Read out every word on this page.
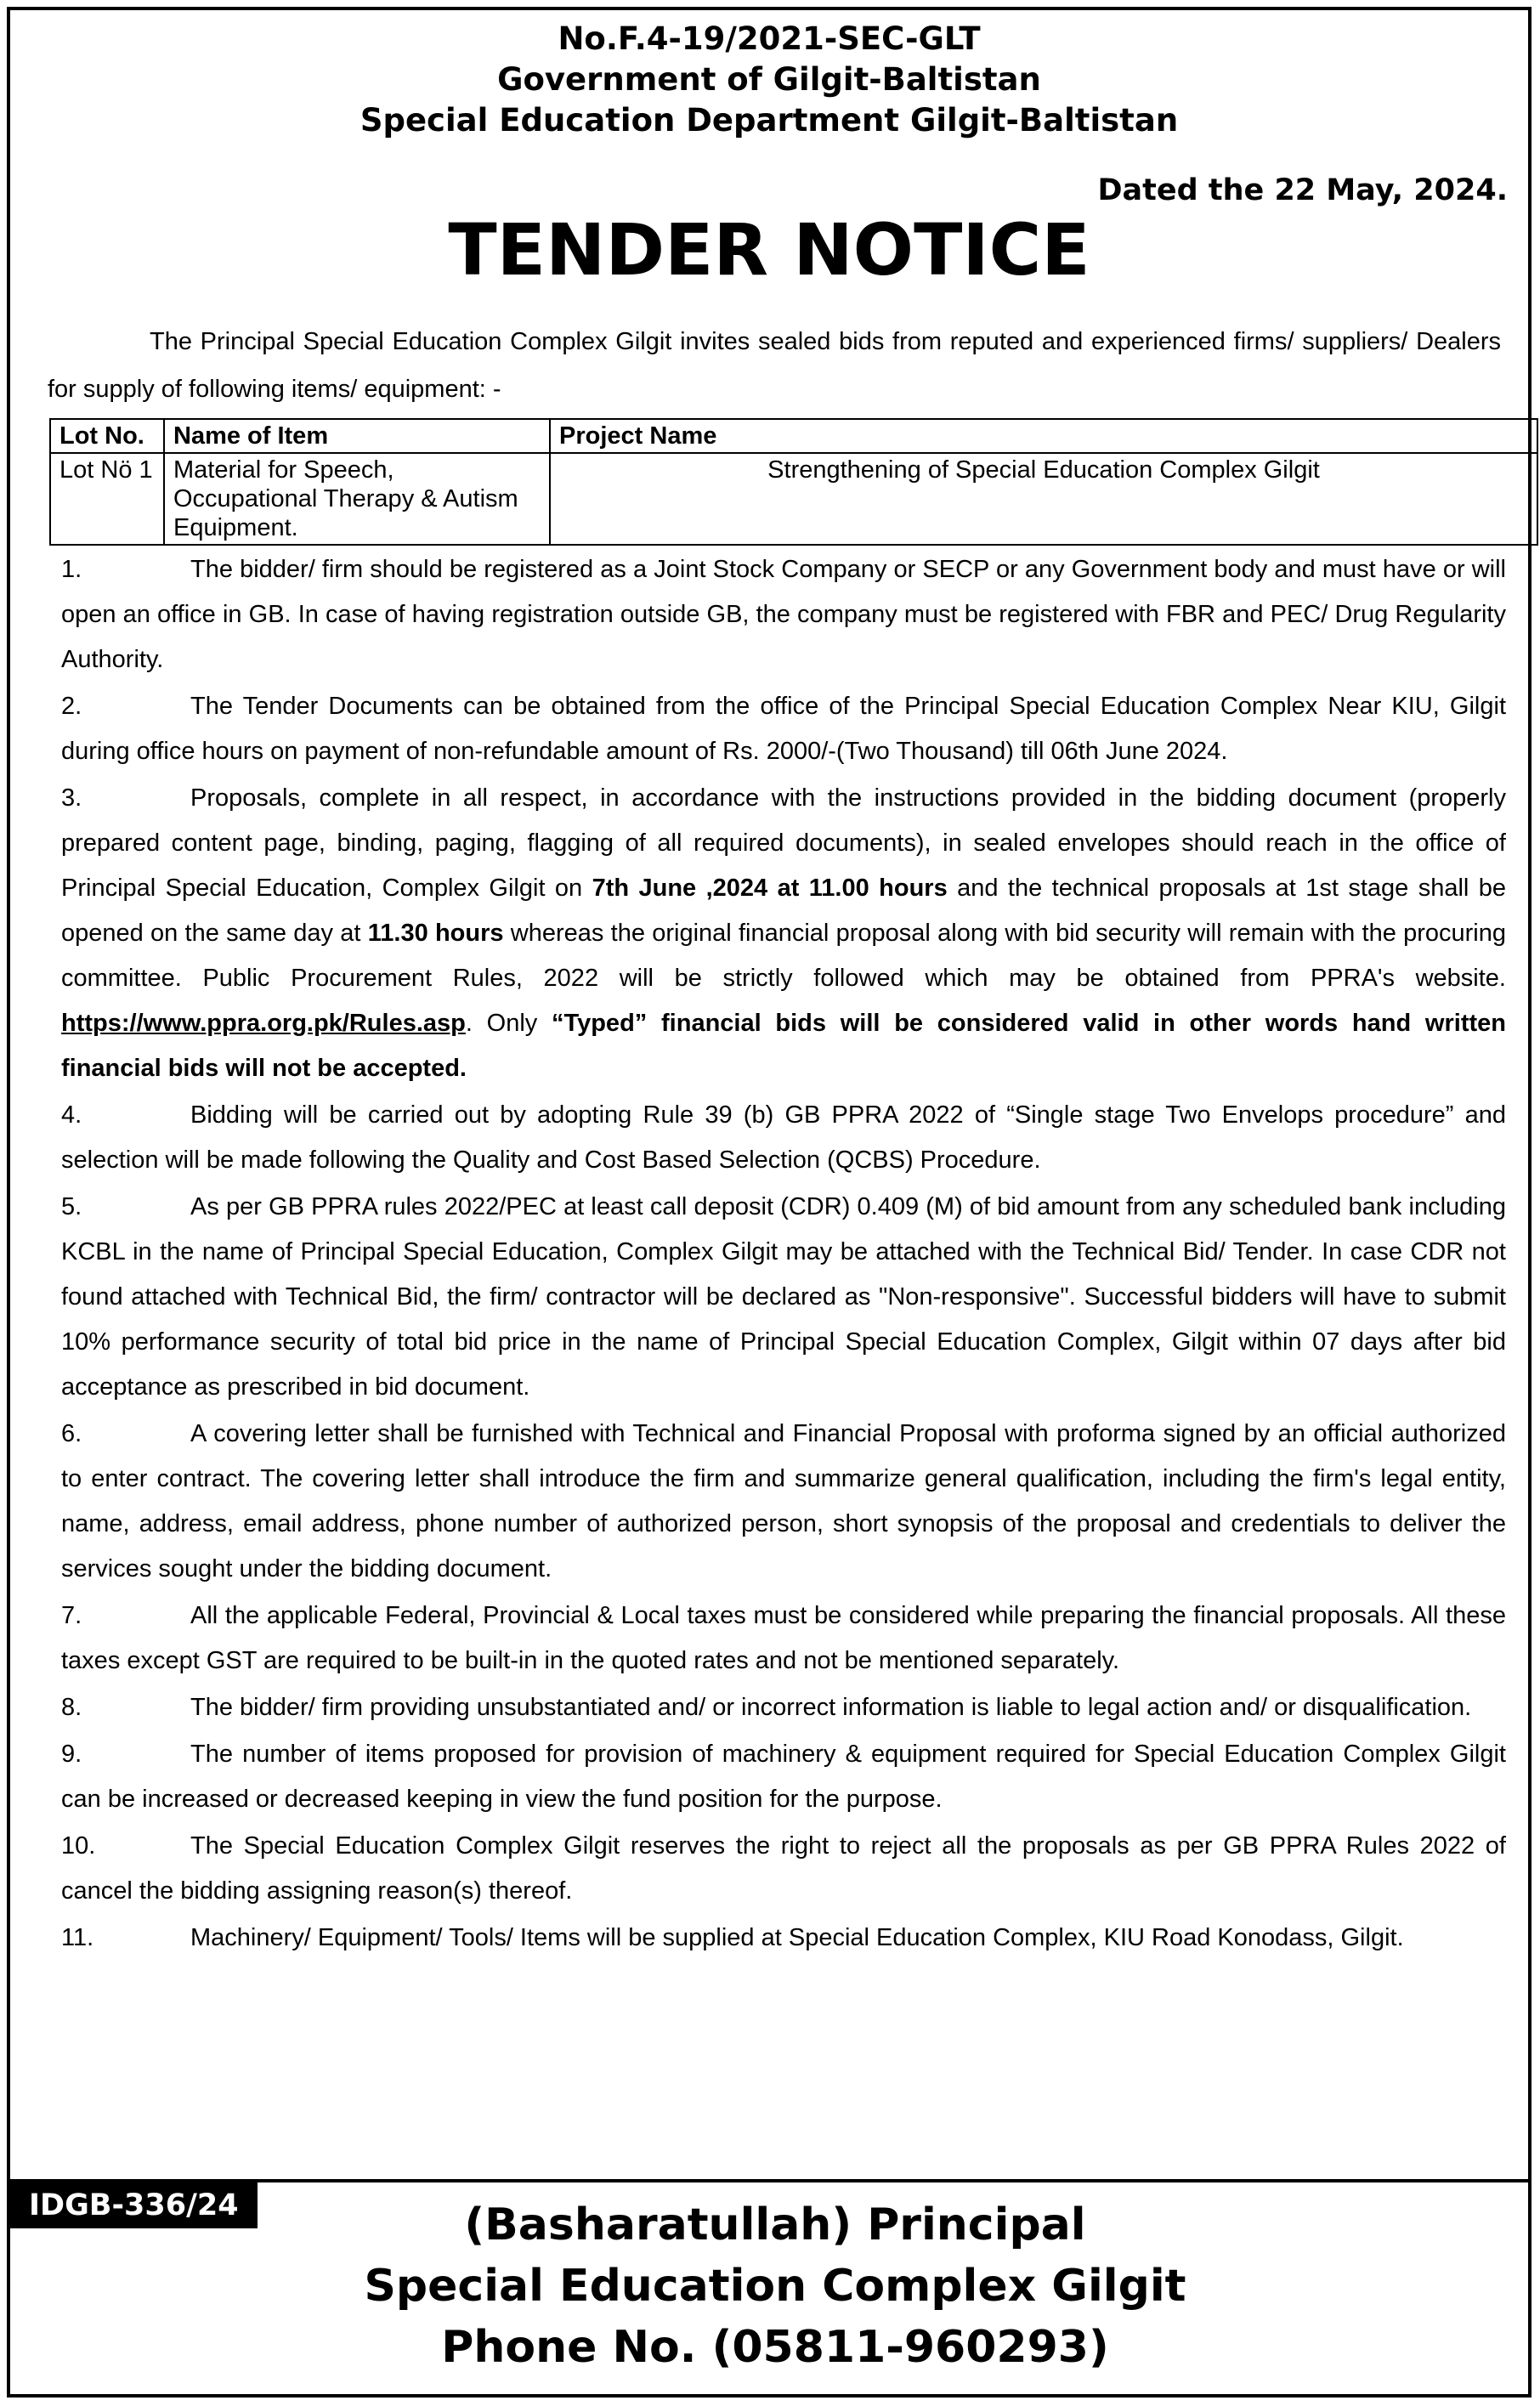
No.F.4-19/2021-SEC-GLT
Government of Gilgit-Baltistan
Special Education Department Gilgit-Baltistan
Dated the 22 May, 2024.
TENDER NOTICE
The Principal Special Education Complex Gilgit invites sealed bids from reputed and experienced firms/ suppliers/ Dealers for supply of following items/ equipment: -
Lot No.	Name of Item	Project Name
Lot Nö 1	Material for Speech, Occupational Therapy & Autism Equipment.	Strengthening of Special Education Complex Gilgit

1.	The bidder/ firm should be registered as a Joint Stock Company or SECP or any Government body and must have or will open an office in GB. In case of having registration outside GB, the company must be registered with FBR and PEC/ Drug Regularity Authority.

2.	The Tender Documents can be obtained from the office of the Principal Special Education Complex Near KIU, Gilgit during office hours on payment of non-refundable amount of Rs. 2000/-(Two Thousand) till 06th June 2024.

3.	Proposals, complete in all respect, in accordance with the instructions provided in the bidding document (properly prepared content page, binding, paging, flagging of all required documents), in sealed envelopes should reach in the office of Principal Special Education, Complex Gilgit on 7th June ,2024 at 11.00 hours and the technical proposals at 1st stage shall be opened on the same day at 11.30 hours whereas the original financial proposal along with bid security will remain with the procuring committee. Public Procurement Rules, 2022 will be strictly followed which may be obtained from PPRA's website. https://www.ppra.org.pk/Rules.asp. Only “Typed” financial bids will be considered valid in other words hand written financial bids will not be accepted.

4.	Bidding will be carried out by adopting Rule 39 (b) GB PPRA 2022 of “Single stage Two Envelops procedure” and selection will be made following the Quality and Cost Based Selection (QCBS) Procedure.

5.	As per GB PPRA rules 2022/PEC at least call deposit (CDR) 0.409 (M) of bid amount from any scheduled bank including KCBL in the name of Principal Special Education, Complex Gilgit may be attached with the Technical Bid/ Tender. In case CDR not found attached with Technical Bid, the firm/ contractor will be declared as "Non-responsive". Successful bidders will have to submit 10% performance security of total bid price in the name of Principal Special Education Complex, Gilgit within 07 days after bid acceptance as prescribed in bid document.

6.	A covering letter shall be furnished with Technical and Financial Proposal with proforma signed by an official authorized to enter contract. The covering letter shall introduce the firm and summarize general qualification, including the firm's legal entity, name, address, email address, phone number of authorized person, short synopsis of the proposal and credentials to deliver the services sought under the bidding document.

7.	All the applicable Federal, Provincial & Local taxes must be considered while preparing the financial proposals. All these taxes except GST are required to be built-in in the quoted rates and not be mentioned separately.

8.	The bidder/ firm providing unsubstantiated and/ or incorrect information is liable to legal action and/ or disqualification.

9.	The number of items proposed for provision of machinery & equipment required for Special Education Complex Gilgit can be increased or decreased keeping in view the fund position for the purpose.

10.	The Special Education Complex Gilgit reserves the right to reject all the proposals as per GB PPRA Rules 2022 of cancel the bidding assigning reason(s) thereof.

11.	Machinery/ Equipment/ Tools/ Items will be supplied at Special Education Complex, KIU Road Konodass, Gilgit.

IDGB-336/24	(Basharatullah) Principal
Special Education Complex Gilgit
Phone No. (05811-960293)
